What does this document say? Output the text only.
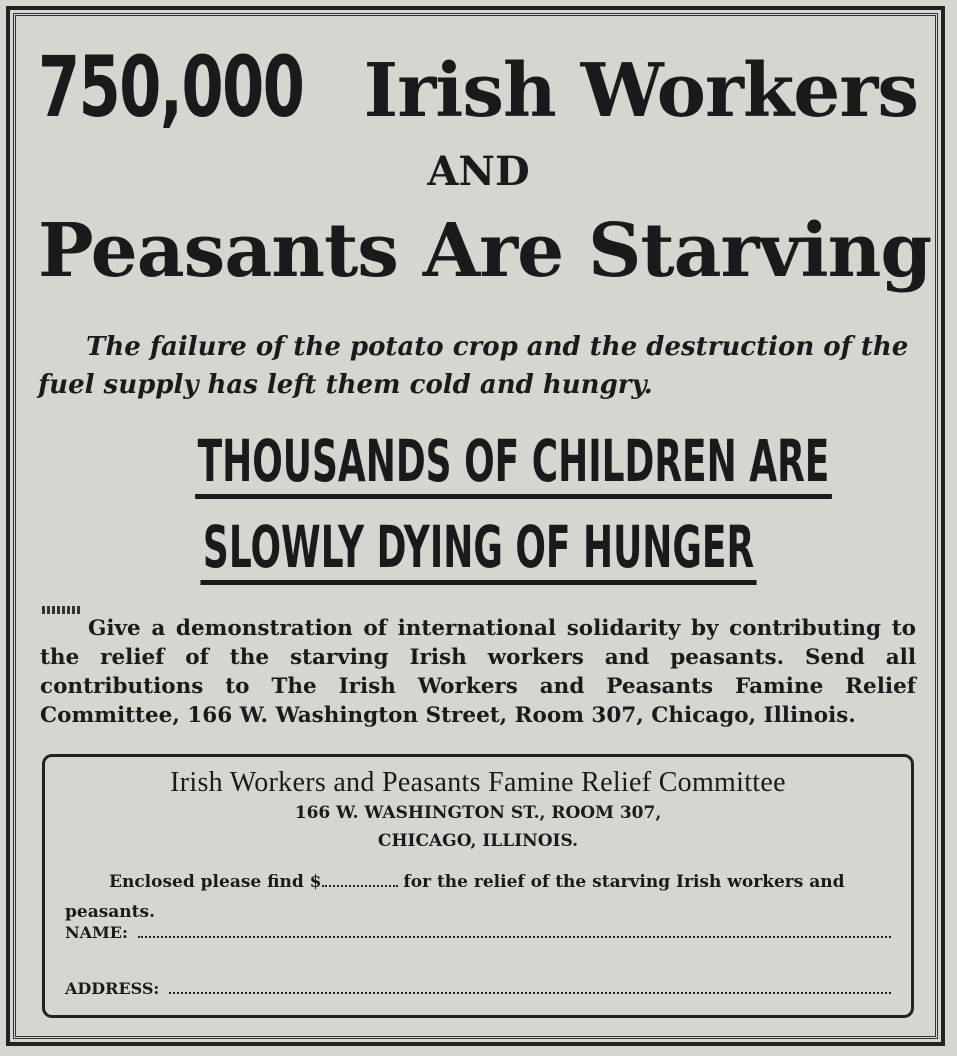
750,000 Irish Workers

AND

Peasants Are Starving

The failure of the potato crop and the destruction of the fuel supply has left them cold and hungry.

THOUSANDS OF CHILDREN ARE
SLOWLY DYING OF HUNGER

Give a demonstration of international solidarity by contributing to the relief of the starving Irish workers and peasants. Send all contributions to The Irish Workers and Peasants Famine Relief Committee, 166 W. Washington Street, Room 307, Chicago, Illinois.

Irish Workers and Peasants Famine Relief Committee

166 W. WASHINGTON ST., ROOM 307,

CHICAGO, ILLINOIS.

Enclosed please find $	for the relief of the starving Irish workers and peasants.

NAME:
ADDRESS:
